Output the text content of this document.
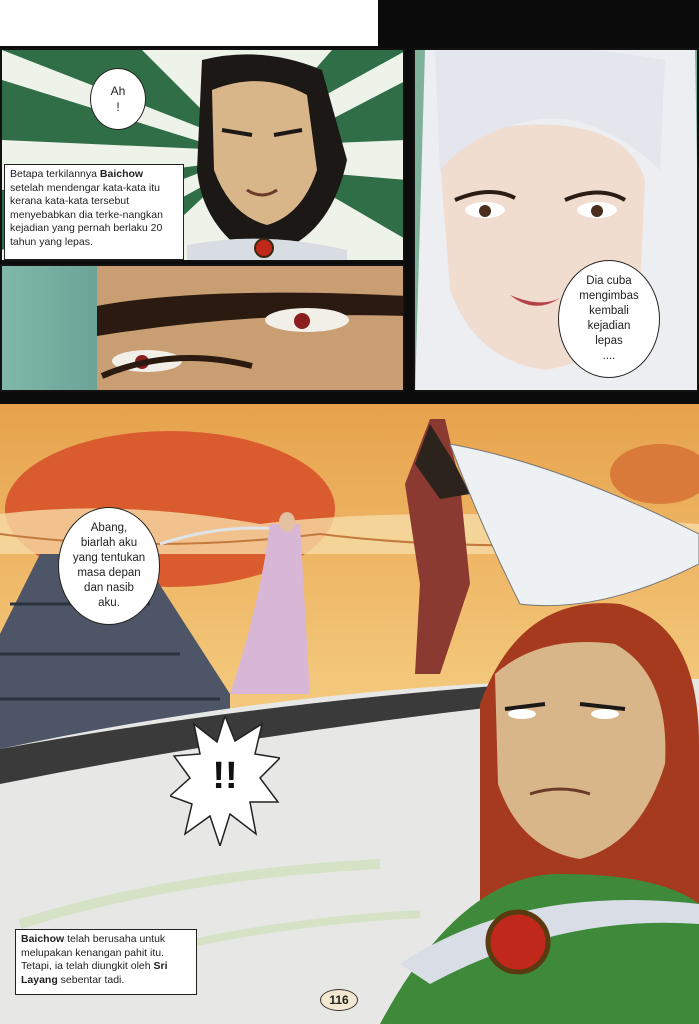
Ah
!
Betapa terkilannya Baichow setelah mendengar kata-kata itu kerana kata-kata tersebut menyebabkan dia terke-nangkan kejadian yang pernah berlaku 20 tahun yang lepas.
Dia cuba
mengimbas
kembali
kejadian
lepas
....
Abang,
biarlah aku
yang tentukan
masa depan
dan nasib
aku.
!!
Baichow telah berusaha untuk melupakan kenangan pahit itu. Tetapi, ia telah diungkit oleh Sri Layang sebentar tadi.
116
